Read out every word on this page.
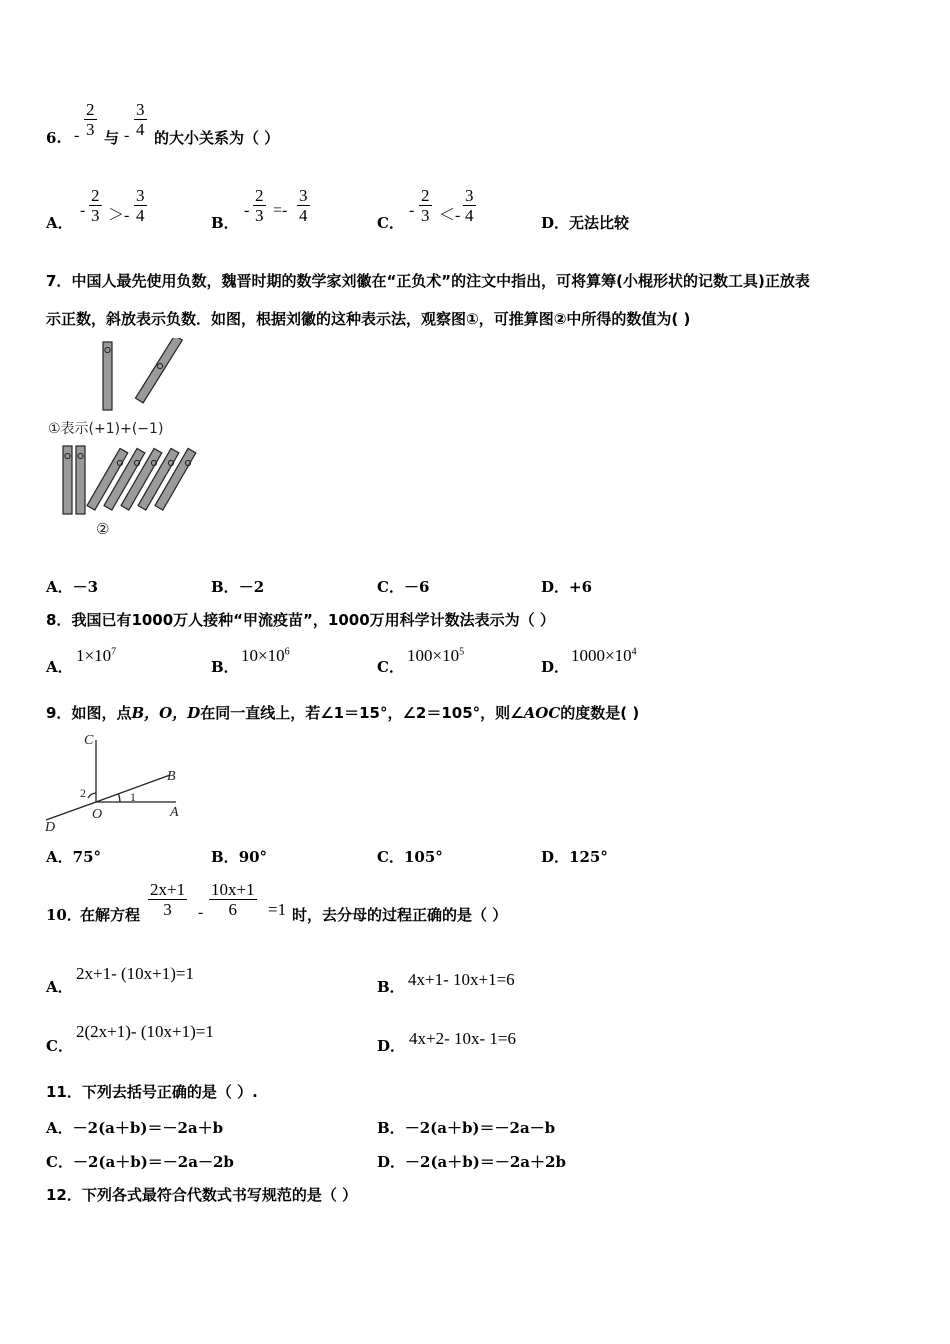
6. - $\frac{2}{3}$ 与 - $\frac{3}{4}$ 的大小关系为（ ）
A．
- $\frac{2}{3} >- \frac{3}{4}$	B．
- $\frac{2}{3} =- \frac{3}{4}$	C．
- $\frac{2}{3} <- \frac{3}{4}$	D．无法比较
7．中国人最先使用负数，魏晋时期的数学家刘徽在“正负术”的注文中指出，可将算筹(小棍形状的记数工具)正放表
示正数，斜放表示负数．如图，根据刘徽的这种表示法，观察图①，可推算图②中所得的数值为( )
①表示(+1)+(−1)
②
A．－3	B．－2	C．－6	D．+6
8．我国已有1000万人接种“甲流疫苗”，1000万用科学计数法表示为（ ）
A．
$1\times 10^7$
B．
$10\times 10^6$
C．
$100\times 10^5$
D．
$1000\times 10^4$
9．如图，点B，O，D在同一直线上，若∠1＝15°，∠2＝105°，则∠AOC的度数是( )
C
B
A
O
D
2	1
A．75°	B．90°	C．105°	D．125°
10．
在解方程 $\frac{2x+1}{3} - \frac{10x+1}{6} =1$ 时，去分母的过程正确的是（ ）
A．
2x+1- (10x+1)=1
B． 4x+1- 10x+1=6
C．
2(2x+1)- (10x+1)=1
D． 4x+2- 10x- 1=6
11．下列去括号正确的是（ ）.
A．－2(a＋b)＝－2a＋b	B．－2(a＋b)＝－2a－b
C．－2(a＋b)＝－2a－2b	D．－2(a＋b)＝－2a＋2b
12．下列各式最符合代数式书写规范的是（ ）
